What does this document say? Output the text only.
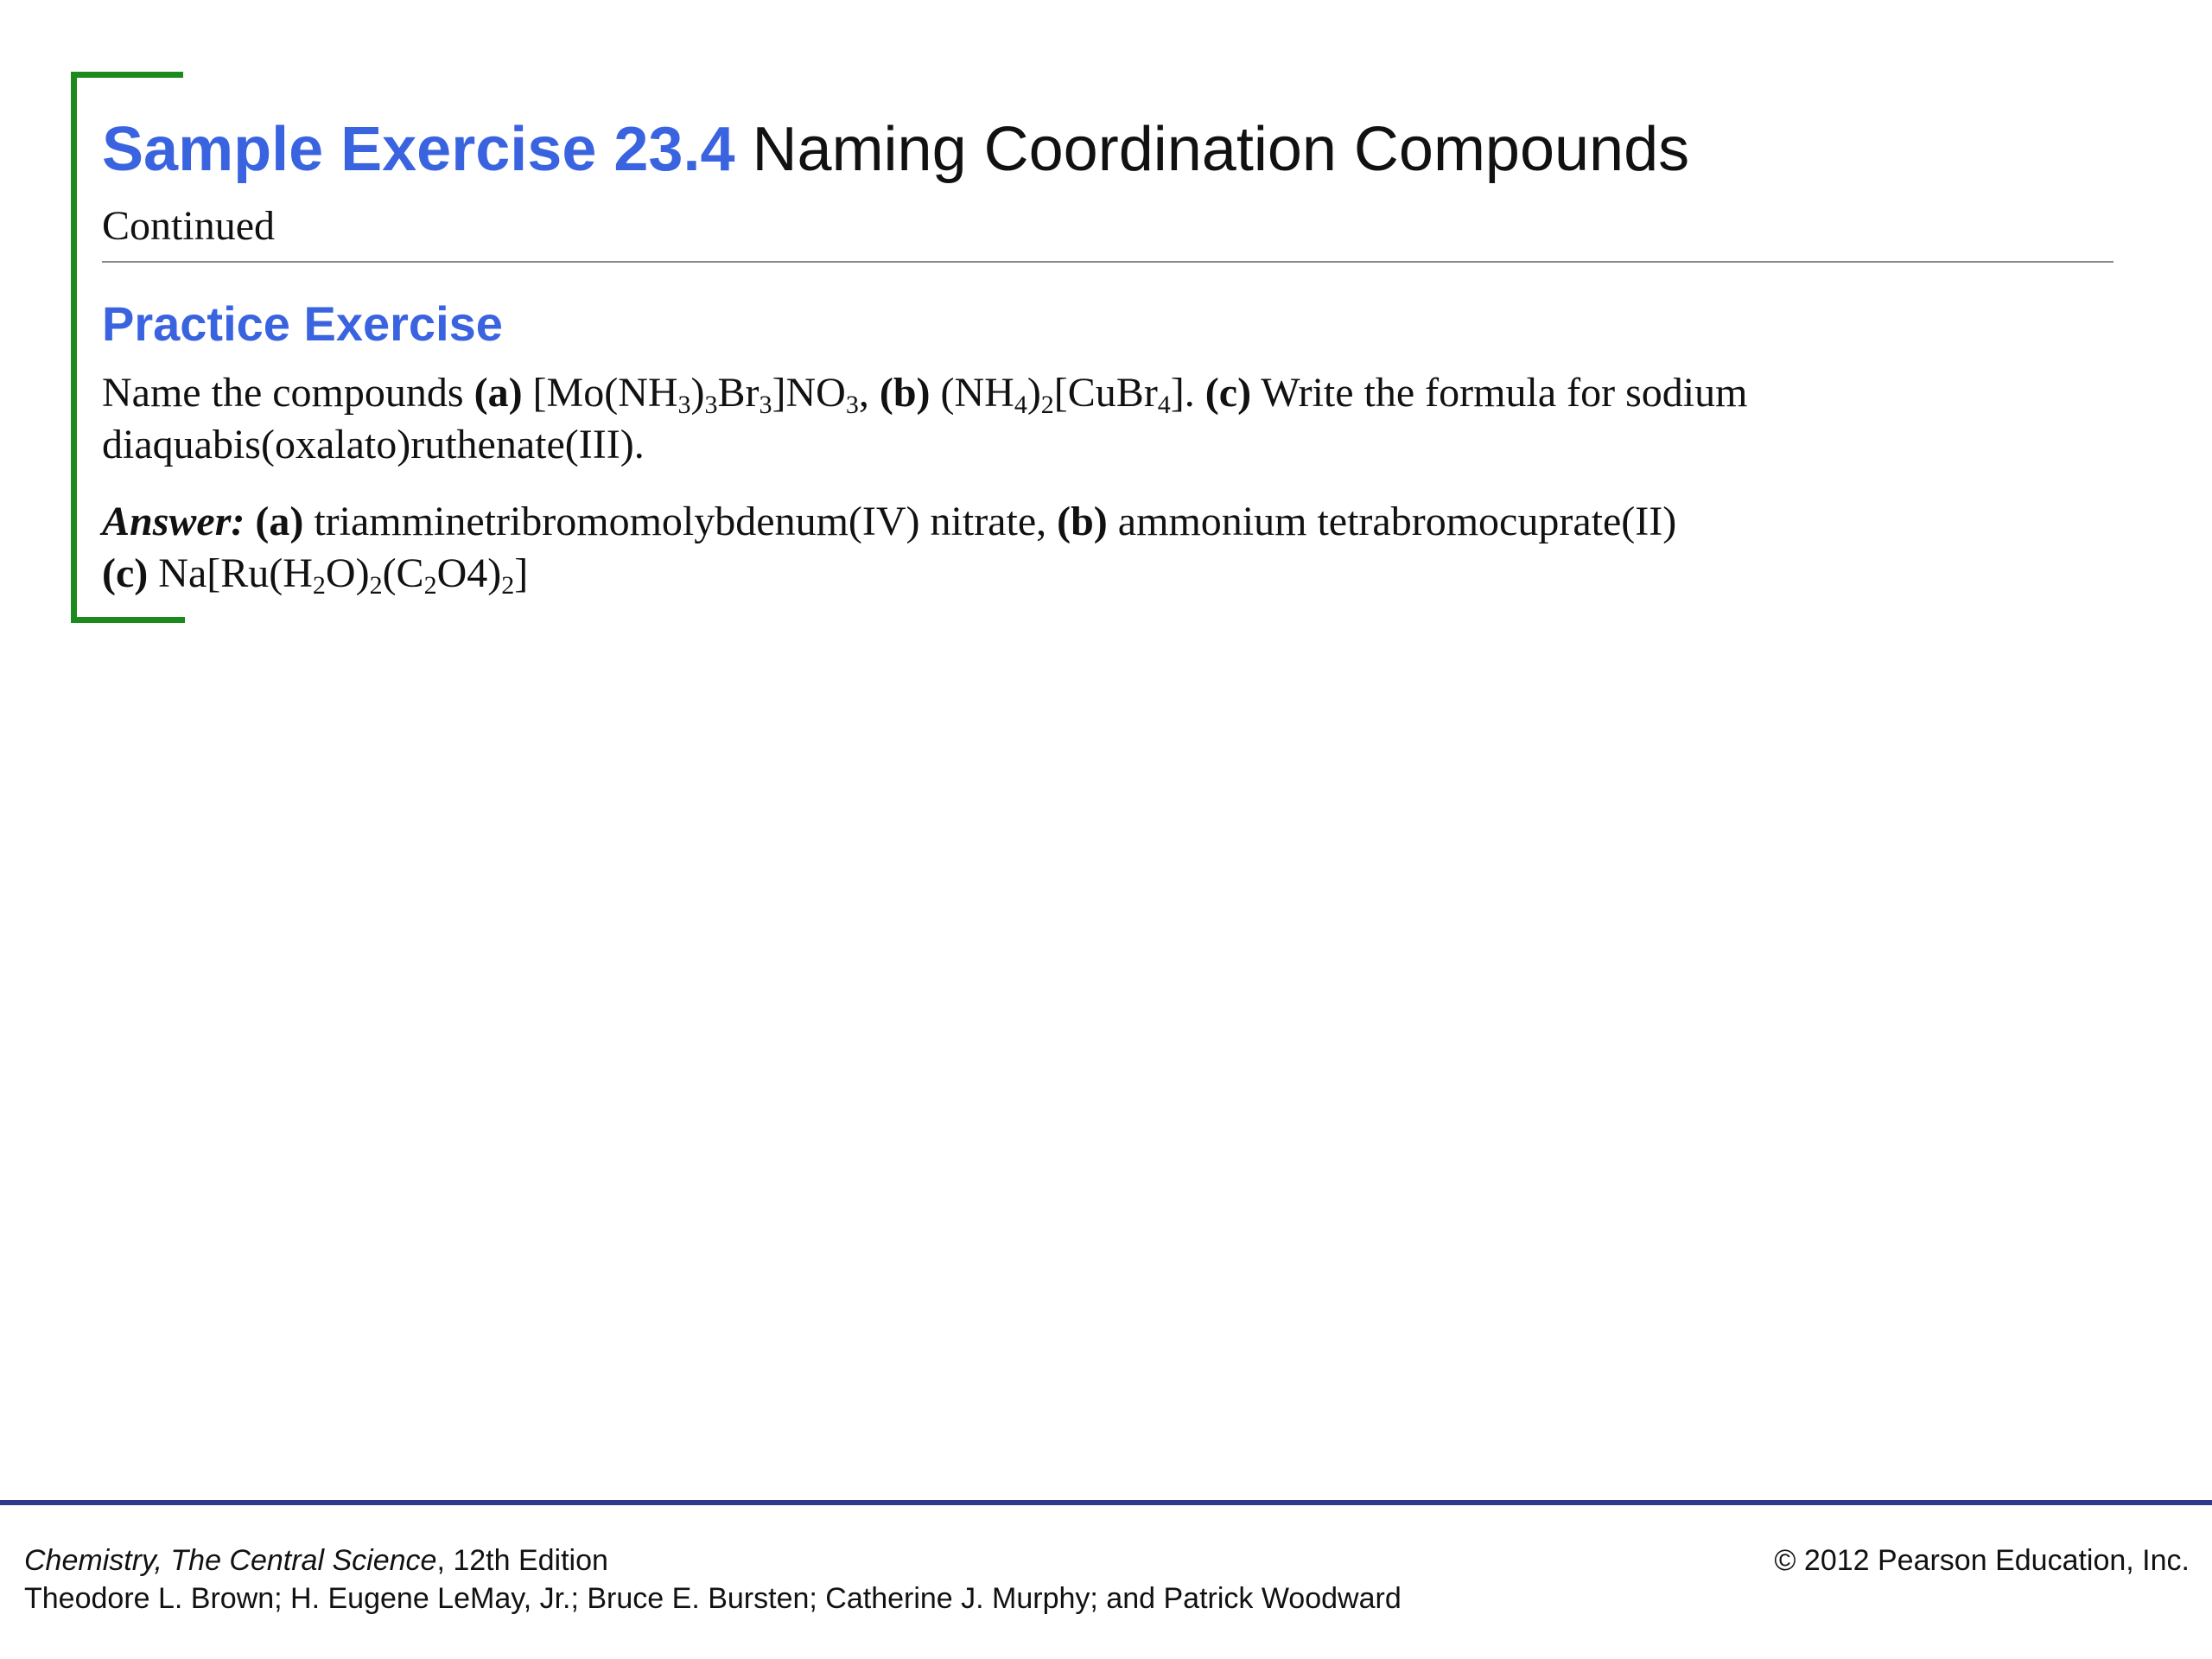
Sample Exercise 23.4 Naming Coordination Compounds
Continued
Practice Exercise
Name the compounds (a) $[Mo(NH_3)_3Br_3]NO_3$, (b) $(NH_4)_2[CuBr_4]$. (c) Write the formula for sodium
diaquabis(oxalato)ruthenate(III).
Answer: (a) triamminetribromomolybdenum(IV) nitrate, (b) ammonium tetrabromocuprate(II)
(c) $Na[Ru(H_2O)_2(C_2O4)_2]$
Chemistry, The Central Science, 12th Edition
Theodore L. Brown; H. Eugene LeMay, Jr.; Bruce E. Bursten; Catherine J. Murphy; and Patrick Woodward
© 2012 Pearson Education, Inc.
